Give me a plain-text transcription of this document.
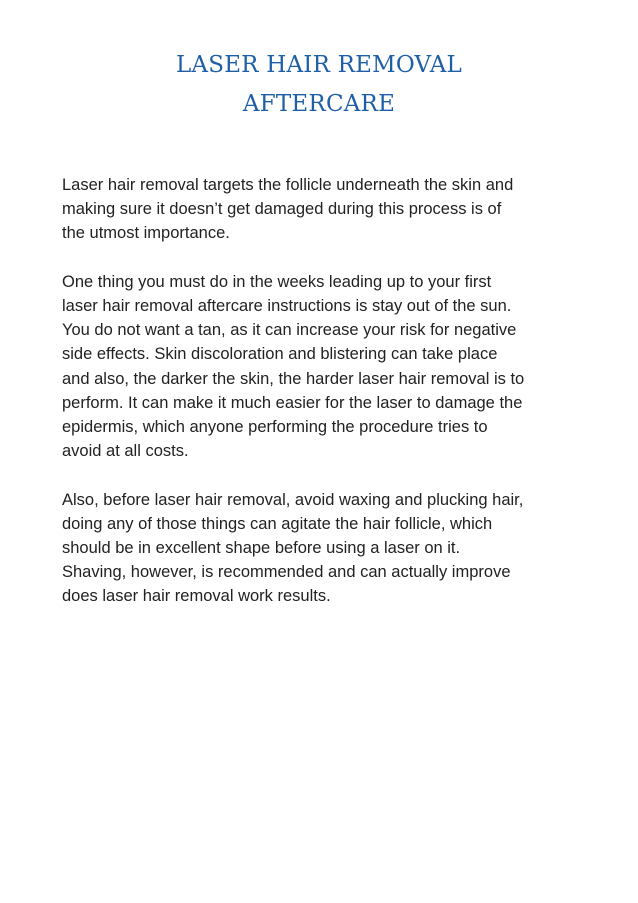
LASER HAIR REMOVAL
AFTERCARE

Laser hair removal targets the follicle underneath the skin and
making sure it doesn’t get damaged during this process is of
the utmost importance.

One thing you must do in the weeks leading up to your first
laser hair removal aftercare instructions is stay out of the sun.
You do not want a tan, as it can increase your risk for negative
side effects. Skin discoloration and blistering can take place
and also, the darker the skin, the harder laser hair removal is to
perform. It can make it much easier for the laser to damage the
epidermis, which anyone performing the procedure tries to
avoid at all costs.

Also, before laser hair removal, avoid waxing and plucking hair,
doing any of those things can agitate the hair follicle, which
should be in excellent shape before using a laser on it.
Shaving, however, is recommended and can actually improve
does laser hair removal work results.
